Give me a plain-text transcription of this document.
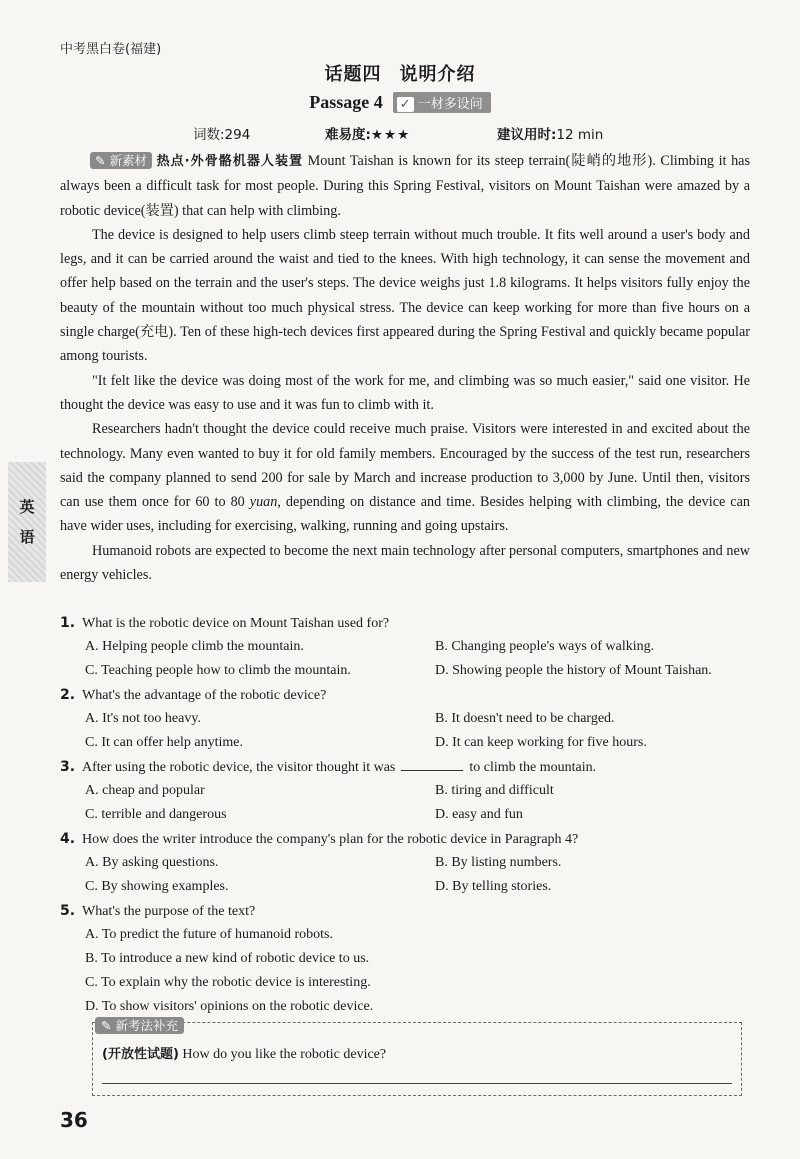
中考黑白卷(福建)
英
语
话题四 说明介绍
Passage 4 ✓ 一材多设问
词数:294	难易度:★★★	建议用时:12 min

✎ 新素材 热点·外骨骼机器人装置 Mount Taishan is known for its steep terrain(陡峭的地形). Climbing it has always been a difficult task for most people. During this Spring Festival, visitors on Mount Taishan were amazed by a robotic device(装置) that can help with climbing.

The device is designed to help users climb steep terrain without much trouble. It fits well around a user's body and legs, and it can be carried around the waist and tied to the knees. With high technology, it can sense the movement and offer help based on the terrain and the user's steps. The device weighs just 1.8 kilograms. It helps visitors fully enjoy the beauty of the mountain without too much physical stress. The device can keep working for more than five hours on a single charge(充电). Ten of these high-tech devices first appeared during the Spring Festival and quickly became popular among tourists.

"It felt like the device was doing most of the work for me, and climbing was so much easier," said one visitor. He thought the device was easy to use and it was fun to climb with it.

Researchers hadn't thought the device could receive much praise. Visitors were interested in and excited about the technology. Many even wanted to buy it for old family members. Encouraged by the success of the test run, researchers said the company planned to send 200 for sale by March and increase production to 3,000 by June. Until then, visitors can use them once for 60 to 80 yuan, depending on distance and time. Besides helping with climbing, the device can have wider uses, including for exercising, walking, running and going upstairs.

Humanoid robots are expected to become the next main technology after personal computers, smartphones and new energy vehicles.

1. What is the robotic device on Mount Taishan used for?
A. Helping people climb the mountain.	B. Changing people's ways of walking.
C. Teaching people how to climb the mountain.	D. Showing people the history of Mount Taishan.
2. What's the advantage of the robotic device?
A. It's not too heavy.	B. It doesn't need to be charged.
C. It can offer help anytime.	D. It can keep working for five hours.
3. After using the robotic device, the visitor thought it was	to climb the mountain.
A. cheap and popular	B. tiring and difficult
C. terrible and dangerous	D. easy and fun
4. How does the writer introduce the company's plan for the robotic device in Paragraph 4?
A. By asking questions.	B. By listing numbers.
C. By showing examples.	D. By telling stories.
5. What's the purpose of the text?
A. To predict the future of humanoid robots.
B. To introduce a new kind of robotic device to us.
C. To explain why the robotic device is interesting.
D. To show visitors' opinions on the robotic device.
✎ 新考法补充
(开放性试题) How do you like the robotic device?
36
